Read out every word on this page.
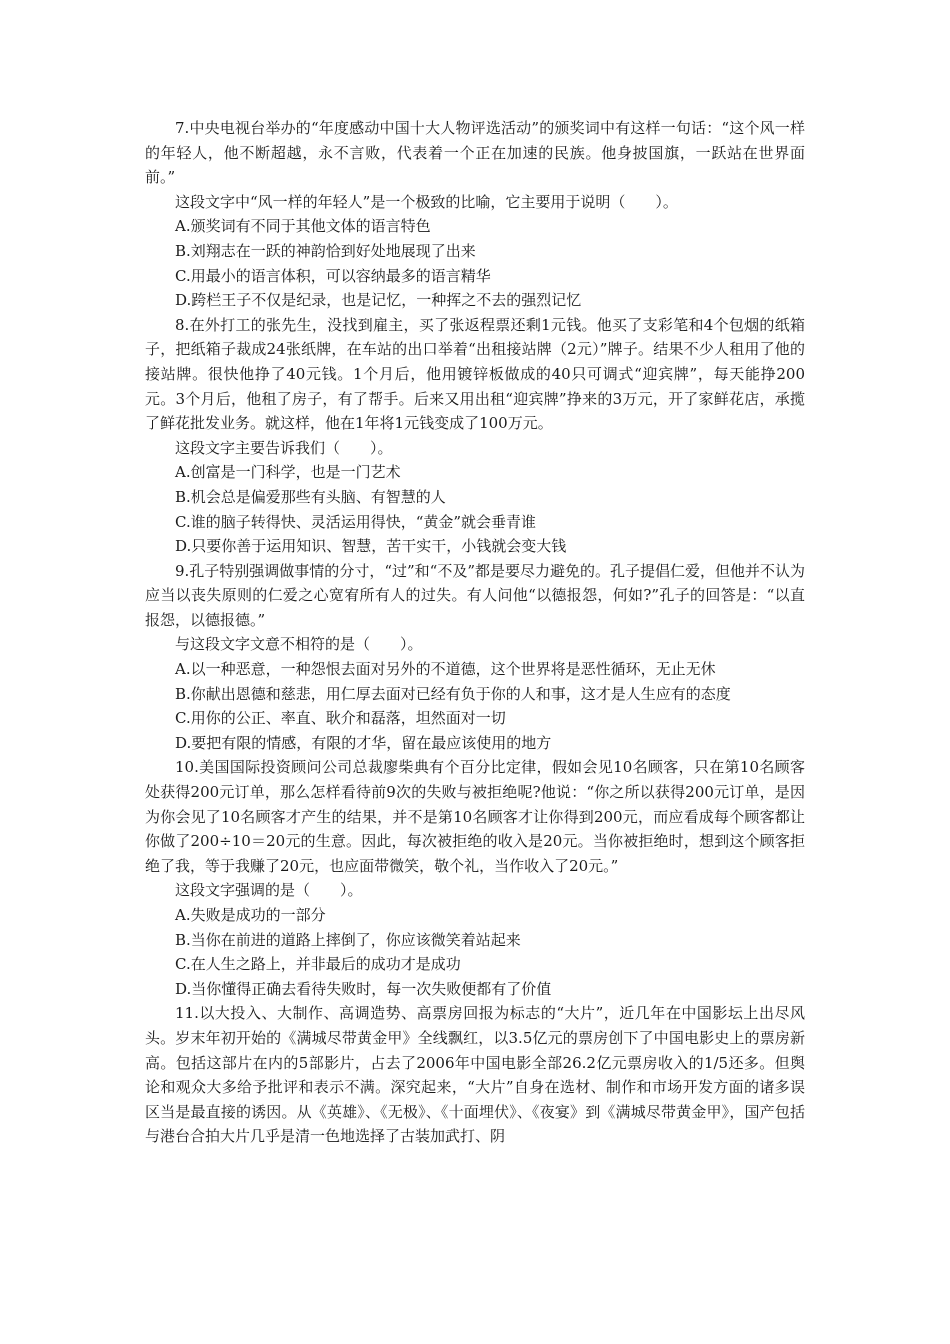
7.中央电视台举办的“年度感动中国十大人物评选活动”的颁奖词中有这样一句话：“这个风一样的年轻人，他不断超越，永不言败，代表着一个正在加速的民族。他身披国旗，一跃站在世界面前。”

这段文字中“风一样的年轻人”是一个极致的比喻，它主要用于说明（　　）。

A.颁奖词有不同于其他文体的语言特色

B.刘翔志在一跃的神韵恰到好处地展现了出来

C.用最小的语言体积，可以容纳最多的语言精华

D.跨栏王子不仅是纪录，也是记忆，一种挥之不去的强烈记忆

8.在外打工的张先生，没找到雇主，买了张返程票还剩1元钱。他买了支彩笔和4个包烟的纸箱子，把纸箱子裁成24张纸牌，在车站的出口举着“出租接站牌（2元）”牌子。结果不少人租用了他的接站牌。很快他挣了40元钱。1个月后，他用镀锌板做成的40只可调式“迎宾牌”，每天能挣200元。3个月后，他租了房子，有了帮手。后来又用出租“迎宾牌”挣来的3万元，开了家鲜花店，承揽了鲜花批发业务。就这样，他在1年将1元钱变成了100万元。

这段文字主要告诉我们（　　）。

A.创富是一门科学，也是一门艺术

B.机会总是偏爱那些有头脑、有智慧的人

C.谁的脑子转得快、灵活运用得快，“黄金”就会垂青谁

D.只要你善于运用知识、智慧，苦干实干，小钱就会变大钱

9.孔子特别强调做事情的分寸，“过”和“不及”都是要尽力避免的。孔子提倡仁爱，但他并不认为应当以丧失原则的仁爱之心宽宥所有人的过失。有人问他“以德报怨，何如?”孔子的回答是：“以直报怨，以德报德。”

与这段文字文意不相符的是（　　）。

A.以一种恶意，一种怨恨去面对另外的不道德，这个世界将是恶性循环，无止无休

B.你献出恩德和慈悲，用仁厚去面对已经有负于你的人和事，这才是人生应有的态度

C.用你的公正、率直、耿介和磊落，坦然面对一切

D.要把有限的情感，有限的才华，留在最应该使用的地方

10.美国国际投资顾问公司总裁廖柴典有个百分比定律，假如会见10名顾客，只在第10名顾客处获得200元订单，那么怎样看待前9次的失败与被拒绝呢?他说：“你之所以获得200元订单，是因为你会见了10名顾客才产生的结果，并不是第10名顾客才让你得到200元，而应看成每个顾客都让你做了200÷10＝20元的生意。因此，每次被拒绝的收入是20元。当你被拒绝时，想到这个顾客拒绝了我，等于我赚了20元，也应面带微笑，敬个礼，当作收入了20元。”

这段文字强调的是（　　）。

A.失败是成功的一部分

B.当你在前进的道路上摔倒了，你应该微笑着站起来

C.在人生之路上，并非最后的成功才是成功

D.当你懂得正确去看待失败时，每一次失败便都有了价值

11.以大投入、大制作、高调造势、高票房回报为标志的“大片”，近几年在中国影坛上出尽风头。岁末年初开始的《满城尽带黄金甲》全线飘红，以3.5亿元的票房创下了中国电影史上的票房新高。包括这部片在内的5部影片，占去了2006年中国电影全部26.2亿元票房收入的1/5还多。但舆论和观众大多给予批评和表示不满。深究起来，“大片”自身在选材、制作和市场开发方面的诸多误区当是最直接的诱因。从《英雄》、《无极》、《十面埋伏》、《夜宴》到《满城尽带黄金甲》，国产包括与港台合拍大片几乎是清一色地选择了古装加武打、阴
